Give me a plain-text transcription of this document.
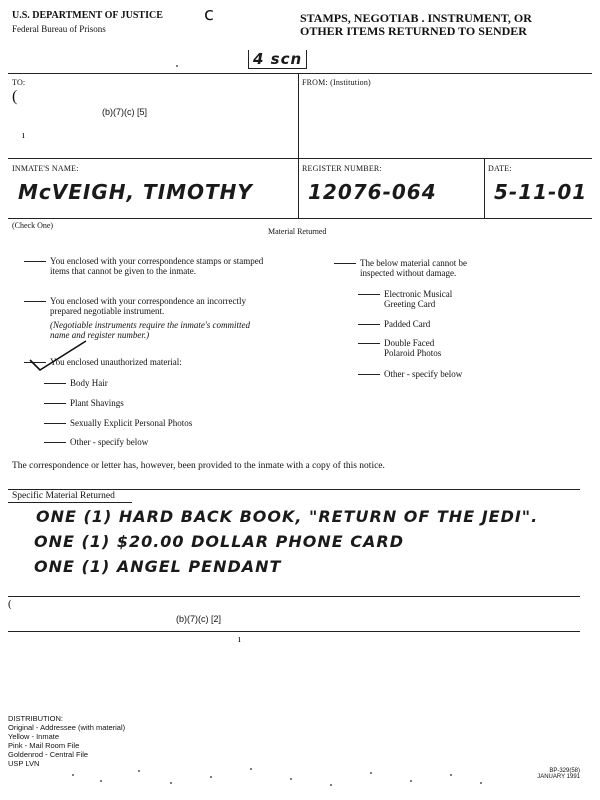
U.S. DEPARTMENT OF JUSTICE
Federal Bureau of Prisons
ⅽ	STAMPS, NEGOTIAB . INSTRUMENT, OR
OTHER ITEMS RETURNED TO SENDER
4 scn
TO:
(
(b)(7)(c) [5]
ı
FROM: (Institution)
INMATE'S NAME:
McVEIGH, TIMOTHY
REGISTER NUMBER:
12076-064
DATE:
5-11-01
(Check One)
Material Returned
You enclosed with your correspondence stamps or stamped items that cannot be given to the inmate.
You enclosed with your correspondence an incorrectly prepared negotiable instrument.
(Negotiable instruments require the inmate's committed name and register number.)
You enclosed unauthorized material:
Body Hair
Plant Shavings
Sexually Explicit Personal Photos
Other - specify below
The below material cannot be inspected without damage.
Electronic Musical Greeting Card
Padded Card
Double Faced Polaroid Photos
Other - specify below
The correspondence or letter has, however, been provided to the inmate with a copy of this notice.
Specific Material Returned
ONE (1) HARD BACK BOOK, "RETURN OF THE JEDI".
ONE (1) $20.00 DOLLAR PHONE CARD
ONE (1) ANGEL PENDANT
(
(b)(7)(c) [2]
ı
DISTRIBUTION:
Original - Addressee (with material)
Yellow - Inmate
Pink - Mail Room File
Goldenrod - Central File
USP LVN
BP-329(58)
JANUARY 1991
